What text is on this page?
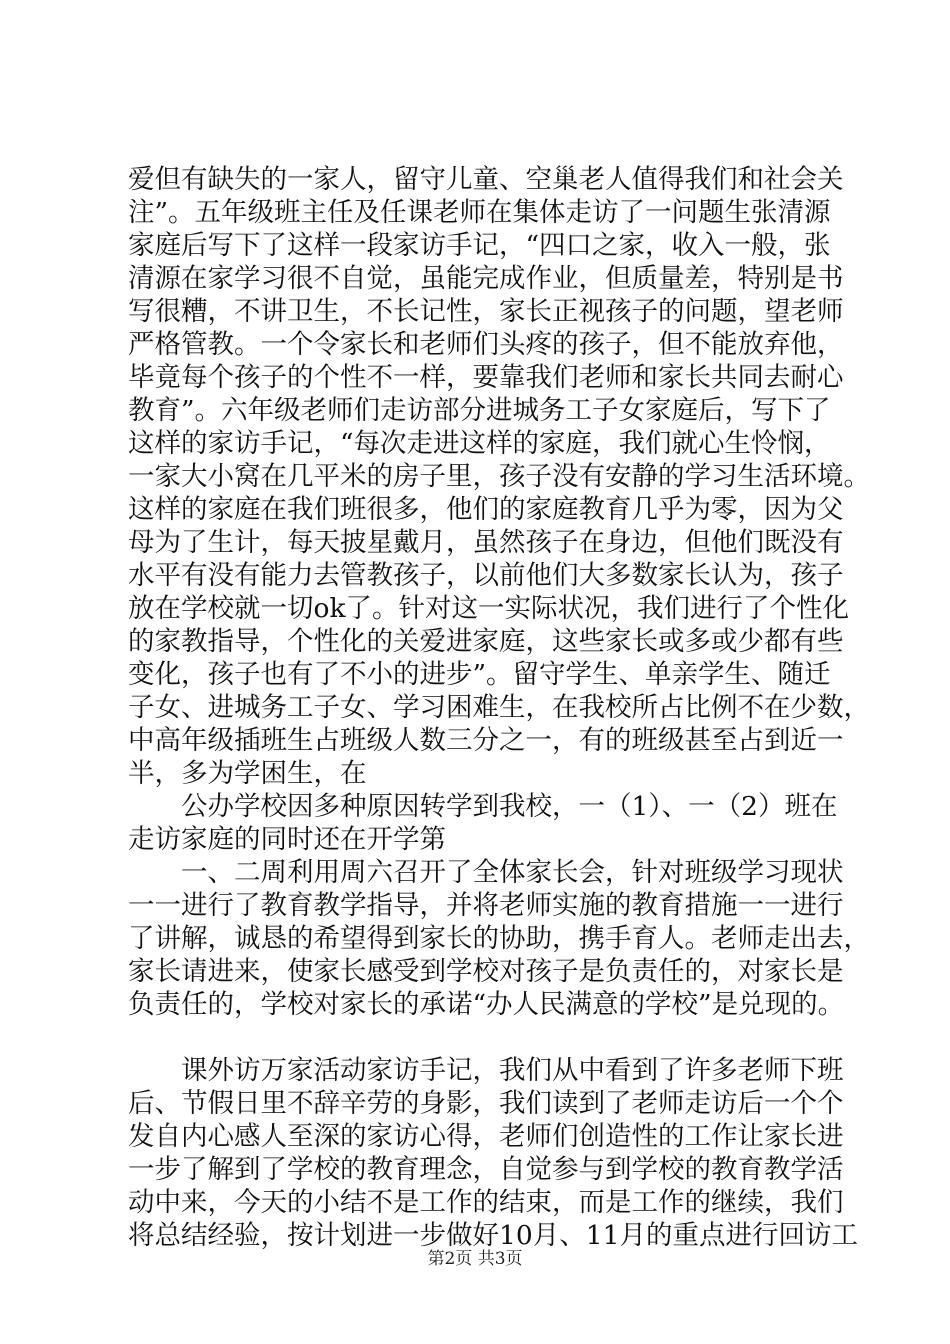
爱但有缺失的一家人，留守儿童、空巢老人值得我们和社会关
注”。五年级班主任及任课老师在集体走访了一问题生张清源
家庭后写下了这样一段家访手记，“四口之家，收入一般，张
清源在家学习很不自觉，虽能完成作业，但质量差，特别是书
写很糟，不讲卫生，不长记性，家长正视孩子的问题，望老师
严格管教。一个令家长和老师们头疼的孩子，但不能放弃他，
毕竟每个孩子的个性不一样，要靠我们老师和家长共同去耐心
教育”。六年级老师们走访部分进城务工子女家庭后，写下了
这样的家访手记，“每次走进这样的家庭，我们就心生怜悯，
一家大小窝在几平米的房子里，孩子没有安静的学习生活环境。
这样的家庭在我们班很多，他们的家庭教育几乎为零，因为父
母为了生计，每天披星戴月，虽然孩子在身边，但他们既没有
水平有没有能力去管教孩子，以前他们大多数家长认为，孩子
放在学校就一切ok了。针对这一实际状况，我们进行了个性化
的家教指导，个性化的关爱进家庭，这些家长或多或少都有些
变化，孩子也有了不小的进步”。留守学生、单亲学生、随迁
子女、进城务工子女、学习困难生，在我校所占比例不在少数，
中高年级插班生占班级人数三分之一，有的班级甚至占到近一
半，多为学困生，在
公办学校因多种原因转学到我校，一（1）、一（2）班在
走访家庭的同时还在开学第
一、二周利用周六召开了全体家长会，针对班级学习现状
一一进行了教育教学指导，并将老师实施的教育措施一一进行
了讲解，诚恳的希望得到家长的协助，携手育人。老师走出去，
家长请进来，使家长感受到学校对孩子是负责任的，对家长是
负责任的，学校对家长的承诺“办人民满意的学校”是兑现的。
课外访万家活动家访手记，我们从中看到了许多老师下班
后、节假日里不辞辛劳的身影，我们读到了老师走访后一个个
发自内心感人至深的家访心得，老师们创造性的工作让家长进
一步了解到了学校的教育理念，自觉参与到学校的教育教学活
动中来，今天的小结不是工作的结束，而是工作的继续，我们
将总结经验，按计划进一步做好10月、11月的重点进行回访工
第2页 共3页
